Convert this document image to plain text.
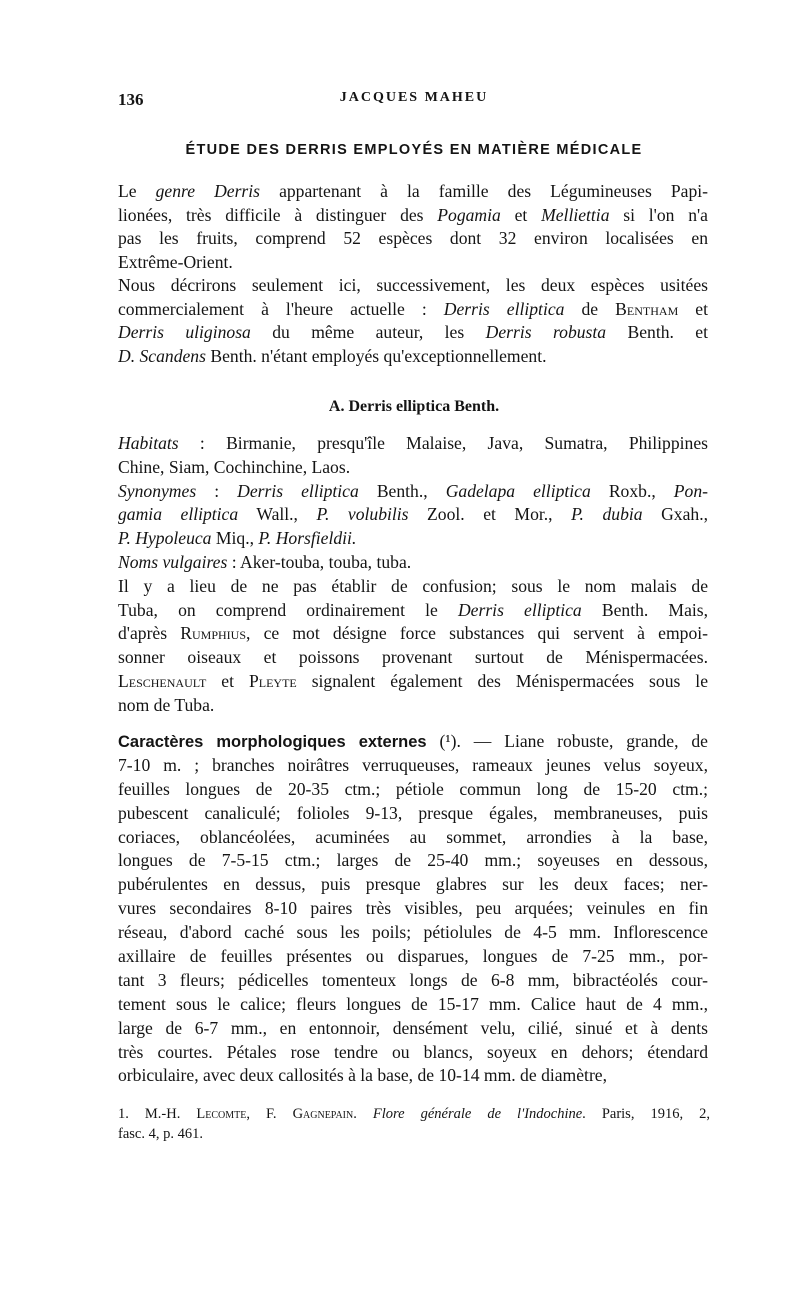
136	JACQUES MAHEU
ÉTUDE DES DERRIS EMPLOYÉS EN MATIÈRE MÉDICALE
Le genre Derris appartenant à la famille des Légumineuses Papi-
lionées, très difficile à distinguer des Pogamia et Melliettia si l'on n'a
pas les fruits, comprend 52 espèces dont 32 environ localisées en
Extrême-Orient.
Nous décrirons seulement ici, successivement, les deux espèces usitées
commercialement à l'heure actuelle : Derris elliptica de Bentham et
Derris uliginosa du même auteur, les Derris robusta Benth. et
D. Scandens Benth. n'étant employés qu'exceptionnellement.
A. Derris elliptica Benth.
Habitats : Birmanie, presqu'île Malaise, Java, Sumatra, Philippines
Chine, Siam, Cochinchine, Laos.
Synonymes : Derris elliptica Benth., Gadelapa elliptica Roxb., Pon-
gamia elliptica Wall., P. volubilis Zool. et Mor., P. dubia Gxah.,
P. Hypoleuca Miq., P. Horsfieldii.
Noms vulgaires : Aker-touba, touba, tuba.
Il y a lieu de ne pas établir de confusion; sous le nom malais de
Tuba, on comprend ordinairement le Derris elliptica Benth. Mais,
d'après Rumphius, ce mot désigne force substances qui servent à empoi-
sonner oiseaux et poissons provenant surtout de Ménispermacées.
Leschenault et Pleyte signalent également des Ménispermacées sous le
nom de Tuba.
Caractères morphologiques externes (¹). — Liane robuste, grande, de
7-10 m. ; branches noirâtres verruqueuses, rameaux jeunes velus soyeux,
feuilles longues de 20-35 ctm.; pétiole commun long de 15-20 ctm.;
pubescent canaliculé; folioles 9-13, presque égales, membraneuses, puis
coriaces, oblancéolées, acuminées au sommet, arrondies à la base,
longues de 7-5-15 ctm.; larges de 25-40 mm.; soyeuses en dessous,
pubérulentes en dessus, puis presque glabres sur les deux faces; ner-
vures secondaires 8-10 paires très visibles, peu arquées; veinules en fin
réseau, d'abord caché sous les poils; pétiolules de 4-5 mm. Inflorescence
axillaire de feuilles présentes ou disparues, longues de 7-25 mm., por-
tant 3 fleurs; pédicelles tomenteux longs de 6-8 mm, bibractéolés cour-
tement sous le calice; fleurs longues de 15-17 mm. Calice haut de 4 mm.,
large de 6-7 mm., en entonnoir, densément velu, cilié, sinué et à dents
très courtes. Pétales rose tendre ou blancs, soyeux en dehors; étendard
orbiculaire, avec deux callosités à la base, de 10-14 mm. de diamètre,
1. M.-H. Lecomte, F. Gagnepain. Flore générale de l'Indochine. Paris, 1916, 2,
fasc. 4, p. 461.
